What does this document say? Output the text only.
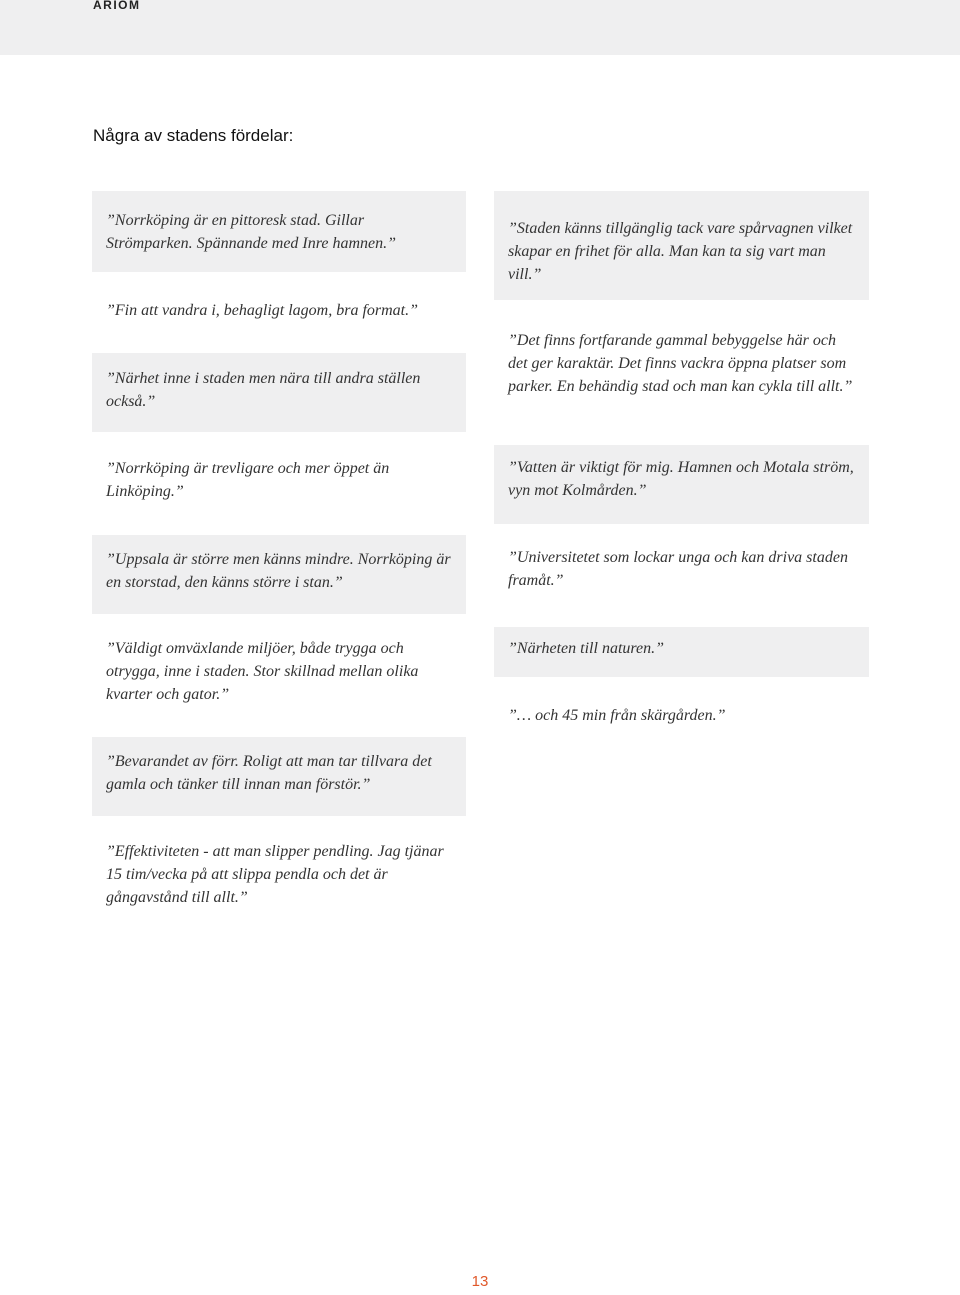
ARIOM
Några av stadens fördelar:

”Norrköping är en pittoresk stad. Gillar Strömparken. Spännande med Inre hamnen.”

”Fin att vandra i, behagligt lagom, bra format.”

”Närhet inne i staden men nära till andra ställen också.”

”Norrköping är trevligare och mer öppet än Linköping.”

”Uppsala är större men känns mindre. Norrköping är en storstad, den känns större i stan.”

”Väldigt omväxlande miljöer, både trygga och otrygga, inne i staden. Stor skillnad mellan olika kvarter och gator.”

”Bevarandet av förr. Roligt att man tar tillvara det gamla och tänker till innan man förstör.”

”Effektiviteten - att man slipper pendling. Jag tjänar 15 tim/vecka på att slippa pendla och det är gångavstånd till allt.”

”Staden känns tillgänglig tack vare spårvagnen vilket skapar en frihet för alla. Man kan ta sig vart man vill.”

”Det finns fortfarande gammal bebyggelse här och det ger karaktär. Det finns vackra öppna platser som parker. En behändig stad och man kan cykla till allt.”

”Vatten är viktigt för mig. Hamnen och Motala ström, vyn mot Kolmården.”

”Universitetet som lockar unga och kan driva staden framåt.”

”Närheten till naturen.”

”… och 45 min från skärgården.”

13
